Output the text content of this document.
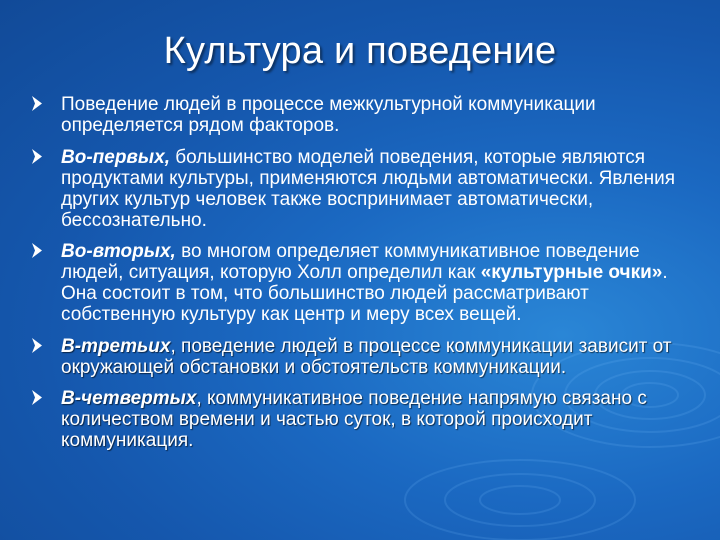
Культура и поведение
Поведение людей в процессе межкультурной коммуникации определяется рядом факторов.
Во-первых, большинство моделей поведения, которые являются продуктами культуры, применяются людьми автоматически. Явления других культур человек также воспринимает автоматически, бессознательно.
Во-вторых, во многом определяет коммуникативное поведение людей, ситуация, которую Холл определил как «культурные очки». Она состоит в том, что большинство людей рассматривают собственную культуру как центр и меру всех вещей.
В-третьих, поведение людей в процессе коммуникации зависит от окружающей обстановки и обстоятельств коммуникации.
В-четвертых, коммуникативное поведение напрямую связано с количеством времени и частью суток, в которой происходит коммуникация.
